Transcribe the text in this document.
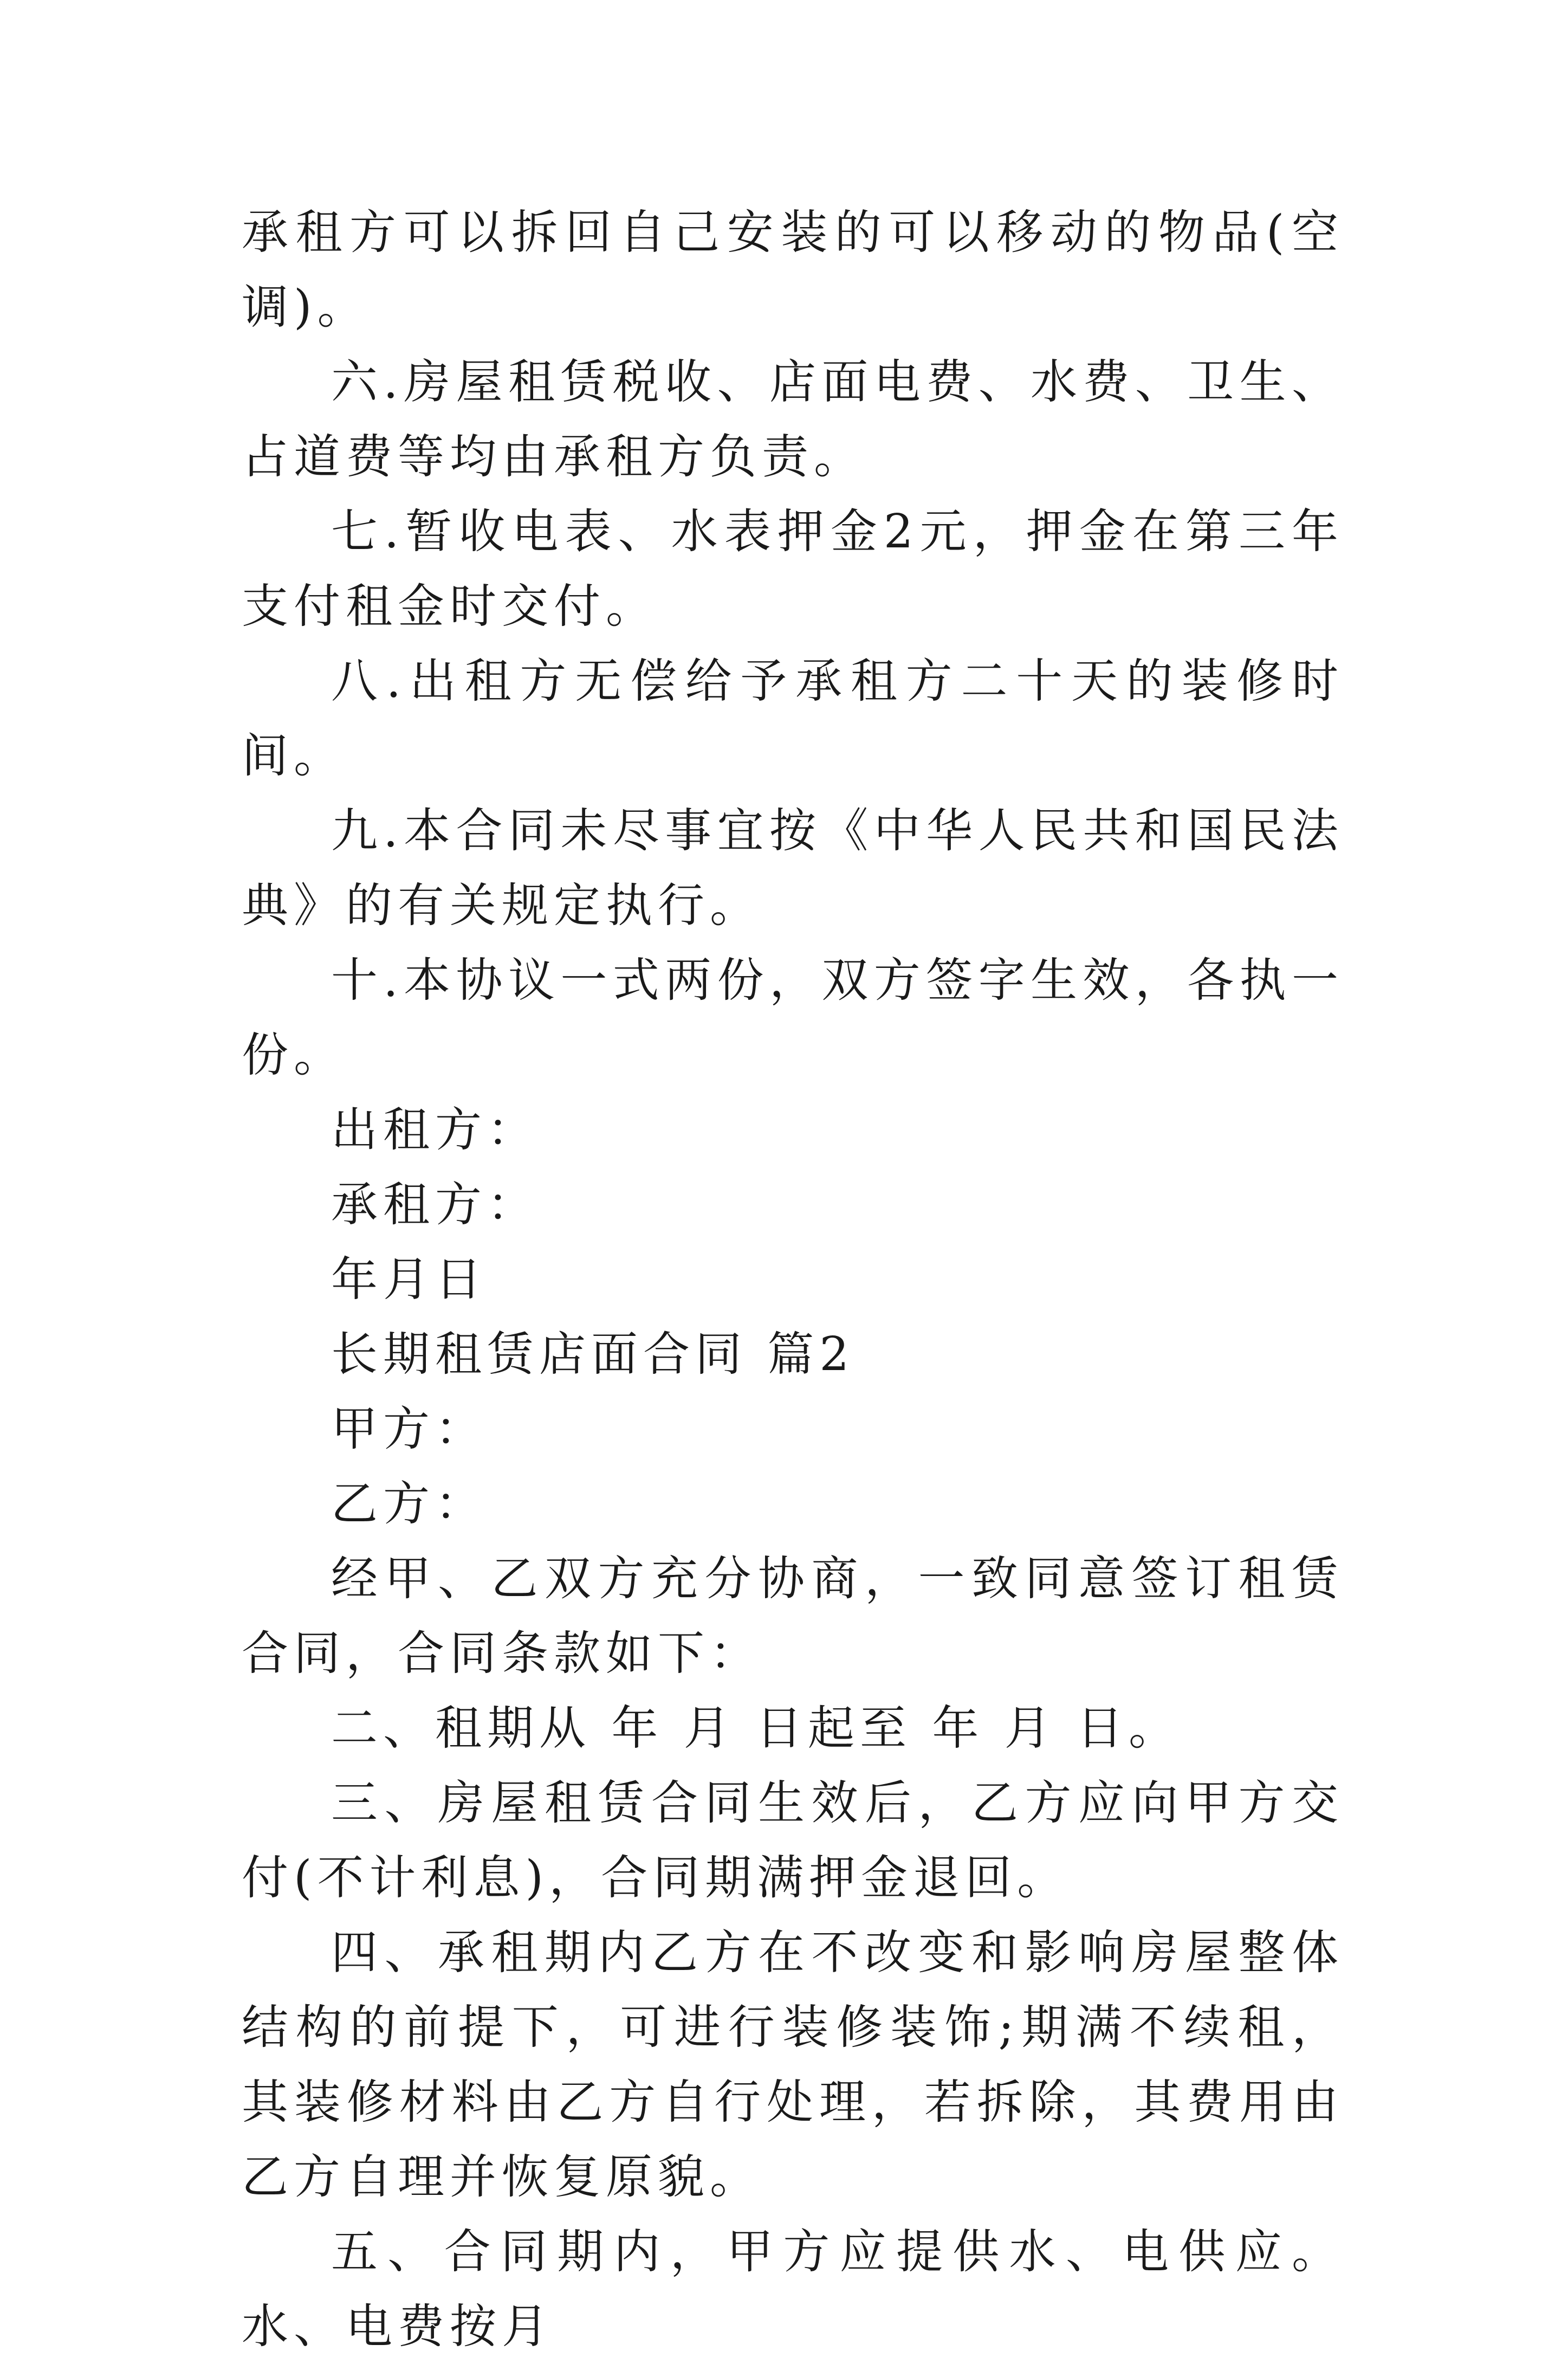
承租方可以拆回自己安装的可以移动的物品(空调)。

六.房屋租赁税收、店面电费、水费、卫生、占道费等均由承租方负责。

七.暂收电表、水表押金2元，押金在第三年支付租金时交付。

八.出租方无偿给予承租方二十天的装修时间。

九.本合同未尽事宜按《中华人民共和国民法典》的有关规定执行。

十.本协议一式两份，双方签字生效，各执一份。

出租方：

承租方：

年月日

长期租赁店面合同 篇2

甲方：

乙方：

经甲、乙双方充分协商，一致同意签订租赁合同，合同条款如下：

二、租期从 年 月 日起至 年 月 日。

三、房屋租赁合同生效后，乙方应向甲方交付(不计利息)，合同期满押金退回。

四、承租期内乙方在不改变和影响房屋整体结构的前提下，可进行装修装饰;期满不续租，其装修材料由乙方自行处理，若拆除，其费用由乙方自理并恢复原貌。

五、合同期内，甲方应提供水、电供应。水、电费按月
